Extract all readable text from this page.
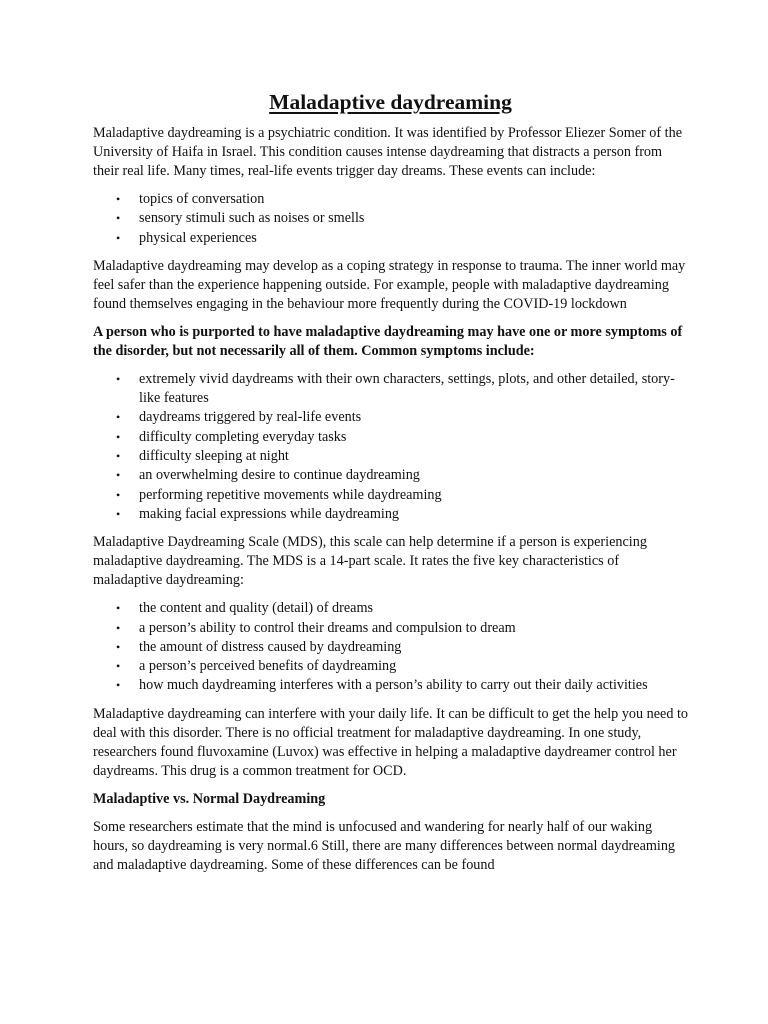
Maladaptive daydreaming

Maladaptive daydreaming is a psychiatric condition. It was identified by Professor Eliezer Somer of the University of Haifa in Israel. This condition causes intense daydreaming that distracts a person from their real life. Many times, real-life events trigger day dreams. These events can include:

• topics of conversation
• sensory stimuli such as noises or smells
• physical experiences

Maladaptive daydreaming may develop as a coping strategy in response to trauma. The inner world may feel safer than the experience happening outside. For example, people with maladaptive daydreaming found themselves engaging in the behaviour more frequently during the COVID-19 lockdown

A person who is purported to have maladaptive daydreaming may have one or more symptoms of the disorder, but not necessarily all of them. Common symptoms include:

• extremely vivid daydreams with their own characters, settings, plots, and other detailed, story-like features
• daydreams triggered by real-life events
• difficulty completing everyday tasks
• difficulty sleeping at night
• an overwhelming desire to continue daydreaming
• performing repetitive movements while daydreaming
• making facial expressions while daydreaming

Maladaptive Daydreaming Scale (MDS), this scale can help determine if a person is experiencing maladaptive daydreaming. The MDS is a 14-part scale. It rates the five key characteristics of maladaptive daydreaming:

• the content and quality (detail) of dreams
• a person’s ability to control their dreams and compulsion to dream
• the amount of distress caused by daydreaming
• a person’s perceived benefits of daydreaming
• how much daydreaming interferes with a person’s ability to carry out their daily activities

Maladaptive daydreaming can interfere with your daily life. It can be difficult to get the help you need to deal with this disorder. There is no official treatment for maladaptive daydreaming. In one study, researchers found fluvoxamine (Luvox) was effective in helping a maladaptive daydreamer control her daydreams. This drug is a common treatment for OCD.

Maladaptive vs. Normal Daydreaming

Some researchers estimate that the mind is unfocused and wandering for nearly half of our waking hours, so daydreaming is very normal.6 Still, there are many differences between normal daydreaming and maladaptive daydreaming. Some of these differences can be found
